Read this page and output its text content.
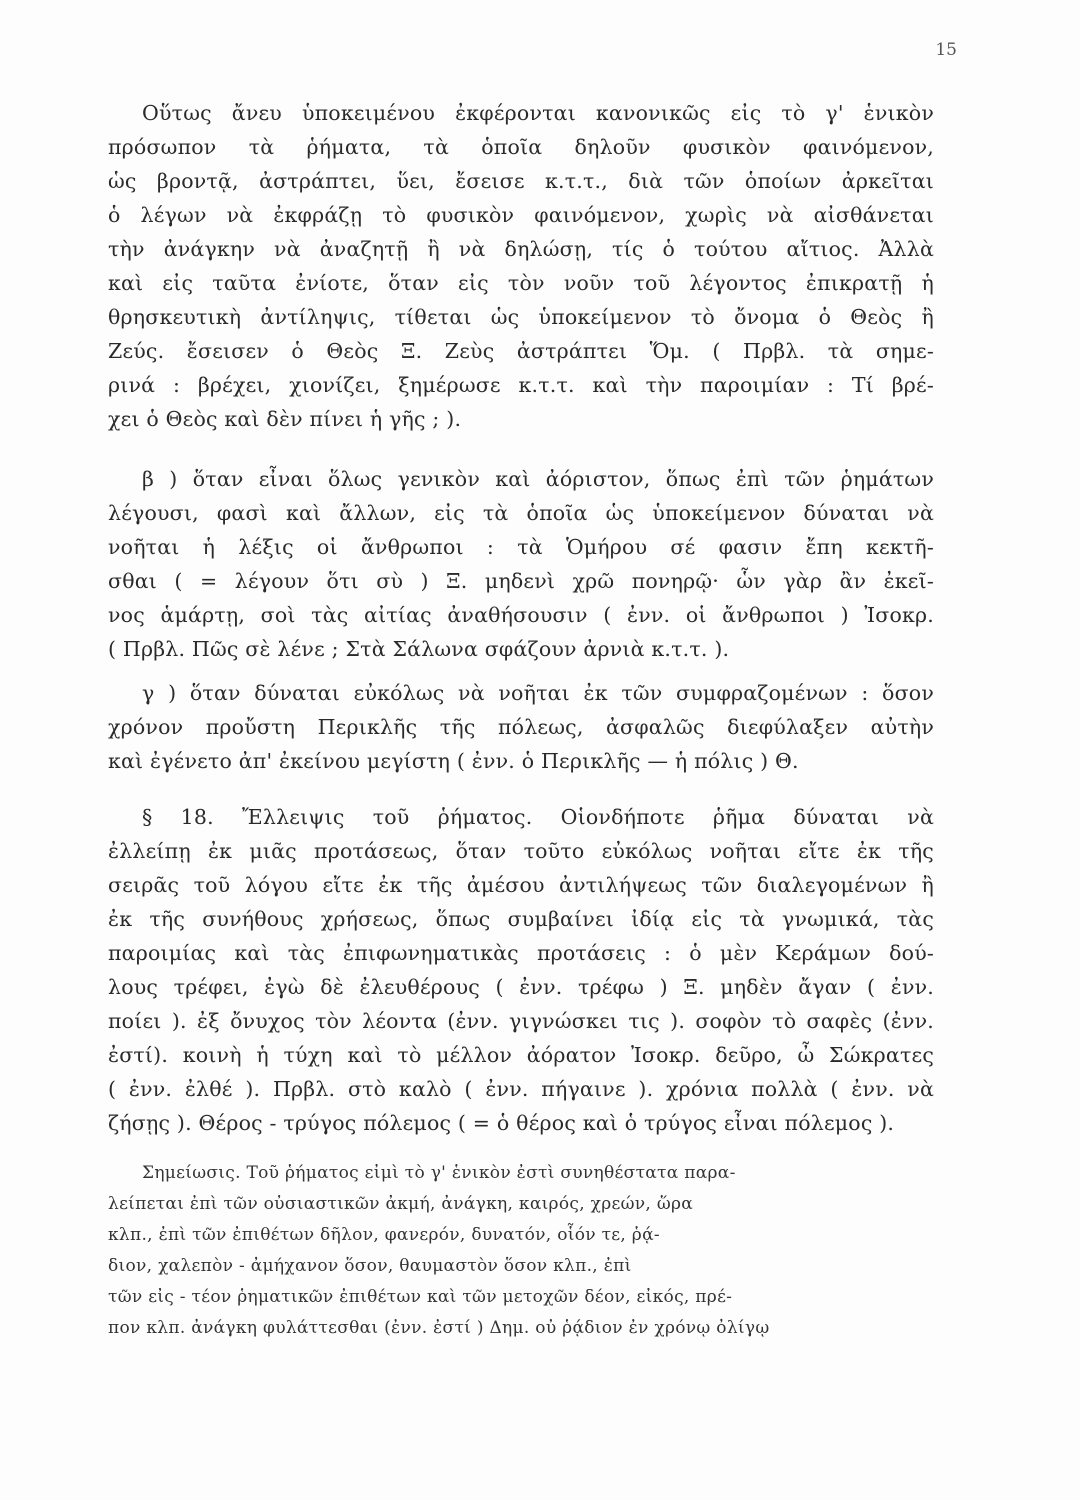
15
Οὕτως ἄνευ ὑποκειμένου ἐκφέρονται κανονικῶς εἰς τὸ γ' ἑνικὸν
πρόσωπον τὰ ῥήματα, τὰ ὁποῖα δηλοῦν φυσικὸν φαινόμενον,
ὡς βροντᾷ, ἀστράπτει, ὕει, ἔσεισε κ.τ.τ., διὰ τῶν ὁποίων ἀρκεῖται
ὁ λέγων νὰ ἐκφράζῃ τὸ φυσικὸν φαινόμενον, χωρὶς νὰ αἰσθάνεται
τὴν ἀνάγκην νὰ ἀναζητῇ ἢ νὰ δηλώσῃ, τίς ὁ τούτου αἴτιος. Ἀλλὰ
καὶ εἰς ταῦτα ἐνίοτε, ὅταν εἰς τὸν νοῦν τοῦ λέγοντος ἐπικρατῇ ἡ
θρησκευτικὴ ἀντίληψις, τίθεται ὡς ὑποκείμενον τὸ ὄνομα ὁ Θεὸς ἢ
Ζεύς. ἔσεισεν ὁ Θεὸς Ξ. Ζεὺς ἀστράπτει Ὅμ. ( Πρβλ. τὰ σημε-
ρινά : βρέχει, χιονίζει, ξημέρωσε κ.τ.τ. καὶ τὴν παροιμίαν : Τί βρέ-
χει ὁ Θεὸς καὶ δὲν πίνει ἡ γῆς ; ).
β ) ὅταν εἶναι ὅλως γενικὸν καὶ ἀόριστον, ὅπως ἐπὶ τῶν ῥημάτων
λέγουσι, φασὶ καὶ ἄλλων, εἰς τὰ ὁποῖα ὡς ὑποκείμενον δύναται νὰ
νοῆται ἡ λέξις οἱ ἄνθρωποι : τὰ Ὁμήρου σέ φασιν ἔπη κεκτῆ-
σθαι ( = λέγουν ὅτι σὺ ) Ξ. μηδενὶ χρῶ πονηρῷ· ὧν γὰρ ἂν ἐκεῖ-
νος ἁμάρτῃ, σοὶ τὰς αἰτίας ἀναθήσουσιν ( ἐνν. οἱ ἄνθρωποι ) Ἰσοκρ.
( Πρβλ. Πῶς σὲ λένε ; Στὰ Σάλωνα σφάζουν ἀρνιὰ κ.τ.τ. ).
γ ) ὅταν δύναται εὐκόλως νὰ νοῆται ἐκ τῶν συμφραζομένων : ὅσον
χρόνον προὔστη Περικλῆς τῆς πόλεως, ἀσφαλῶς διεφύλαξεν αὐτὴν
καὶ ἐγένετο ἀπ' ἐκείνου μεγίστη ( ἐνν. ὁ Περικλῆς — ἡ πόλις ) Θ.
§ 18. Ἔλλειψις τοῦ ῥήματος. Οἱονδήποτε ῥῆμα δύναται νὰ
ἐλλείπῃ ἐκ μιᾶς προτάσεως, ὅταν τοῦτο εὐκόλως νοῆται εἴτε ἐκ τῆς
σειρᾶς τοῦ λόγου εἴτε ἐκ τῆς ἀμέσου ἀντιλήψεως τῶν διαλεγομένων ἢ
ἐκ τῆς συνήθους χρήσεως, ὅπως συμβαίνει ἰδίᾳ εἰς τὰ γνωμικά, τὰς
παροιμίας καὶ τὰς ἐπιφωνηματικὰς προτάσεις : ὁ μὲν Κεράμων δού-
λους τρέφει, ἐγὼ δὲ ἐλευθέρους ( ἐνν. τρέφω ) Ξ. μηδὲν ἄγαν ( ἐνν.
ποίει ). ἐξ ὄνυχος τὸν λέοντα (ἐνν. γιγνώσκει τις ). σοφὸν τὸ σαφὲς (ἐνν.
ἐστί). κοινὴ ἡ τύχη καὶ τὸ μέλλον ἀόρατον Ἰσοκρ. δεῦρο, ὦ Σώκρατες
( ἐνν. ἐλθέ ). Πρβλ. στὸ καλὸ ( ἐνν. πήγαινε ). χρόνια πολλὰ ( ἐνν. νὰ
ζήσῃς ). Θέρος - τρύγος πόλεμος ( = ὁ θέρος καὶ ὁ τρύγος εἶναι πόλεμος ).
Σημείωσις. Τοῦ ῥήματος εἰμὶ τὸ γ' ἑνικὸν ἐστὶ συνηθέστατα παρα-
λείπεται ἐπὶ τῶν οὐσιαστικῶν ἀκμή, ἀνάγκη, καιρός, χρεών, ὥρα
κλπ., ἐπὶ τῶν ἐπιθέτων δῆλον, φανερόν, δυνατόν, οἷόν τε, ῥᾴ-
διον, χαλεπὸν - ἀμήχανον ὅσον, θαυμαστὸν ὅσον κλπ., ἐπὶ
τῶν εἰς - τέον ῥηματικῶν ἐπιθέτων καὶ τῶν μετοχῶν δέον, εἰκός, πρέ-
πον κλπ. ἀνάγκη φυλάττεσθαι (ἐνν. ἐστί ) Δημ. οὐ ῥᾴδιον ἐν χρόνῳ ὀλίγῳ
